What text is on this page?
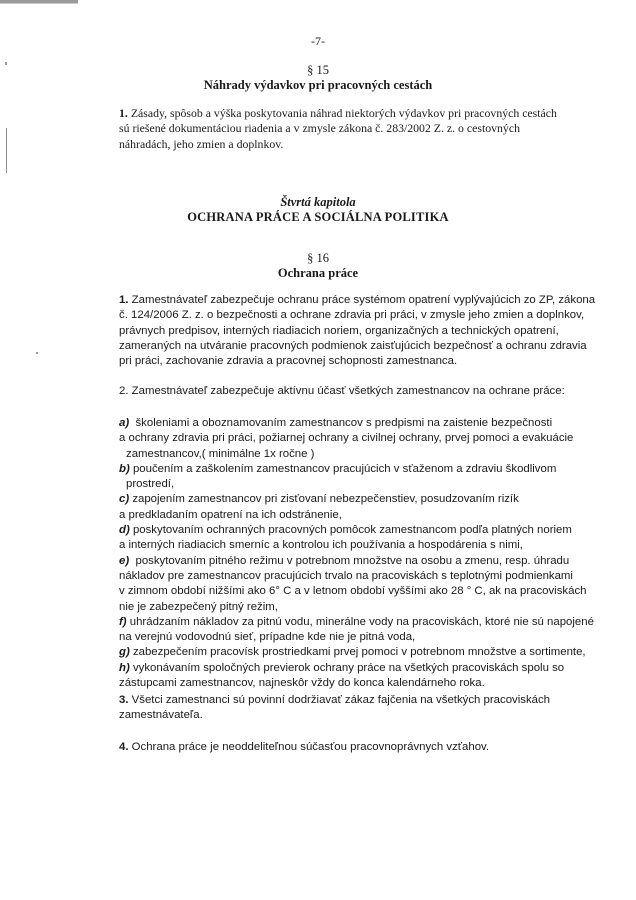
-7-
§ 15
Náhrady výdavkov pri pracovných cestách
1. Zásady, spôsob a výška poskytovania náhrad niektorých výdavkov pri pracovných cestách
sú riešené dokumentáciou riadenia a v zmysle zákona č. 283/2002 Z. z. o cestovných
náhradách, jeho zmien a doplnkov.
Štvrtá kapitola
OCHRANA PRÁCE A SOCIÁLNA POLITIKA
§ 16
Ochrana práce
1. Zamestnávateľ zabezpečuje ochranu práce systémom opatrení vyplývajúcich zo ZP, zákona
č. 124/2006 Z. z. o bezpečnosti a ochrane zdravia pri práci, v zmysle jeho zmien a doplnkov,
právnych predpisov, interných riadiacich noriem, organizačných a technických opatrení,
zameraných na utváranie pracovných podmienok zaisťujúcich bezpečnosť a ochranu zdravia
pri práci, zachovanie zdravia a pracovnej schopnosti zamestnanca.
2. Zamestnávateľ zabezpečuje aktívnu účasť všetkých zamestnancov na ochrane práce:
a) školeniami a oboznamovaním zamestnancov s predpismi na zaistenie bezpečnosti
a ochrany zdravia pri práci, požiarnej ochrany a civilnej ochrany, prvej pomoci a evakuácie
zamestnancov,( minimálne 1x ročne )
b) poučením a zaškolením zamestnancov pracujúcich v sťaženom a zdraviu škodlivom
prostredí,
c) zapojením zamestnancov pri zisťovaní nebezpečenstiev, posudzovaním rizík
a predkladaním opatrení na ich odstránenie,
d) poskytovaním ochranných pracovných pomôcok zamestnancom podľa platných noriem
a interných riadiacich smerníc a kontrolou ich používania a hospodárenia s nimi,
e) poskytovaním pitného režimu v potrebnom množstve na osobu a zmenu, resp. úhradu
nákladov pre zamestnancov pracujúcich trvalo na pracoviskách s teplotnými podmienkami
v zimnom období nižšími ako 6° C a v letnom období vyššími ako 28 ° C, ak na pracoviskách
nie je zabezpečený pitný režim,
f) uhrádzaním nákladov za pitnú vodu, minerálne vody na pracoviskách, ktoré nie sú napojené
na verejnú vodovodnú sieť, prípadne kde nie je pitná voda,
g) zabezpečením pracovísk prostriedkami prvej pomoci v potrebnom množstve a sortimente,
h) vykonávaním spoločných previerok ochrany práce na všetkých pracoviskách spolu so
zástupcami zamestnancov, najneskôr vždy do konca kalendárneho roka.
3. Všetci zamestnanci sú povinní dodržiavať zákaz fajčenia na všetkých pracoviskách
zamestnávateľa.
4. Ochrana práce je neoddeliteľnou súčasťou pracovnoprávnych vzťahov.
